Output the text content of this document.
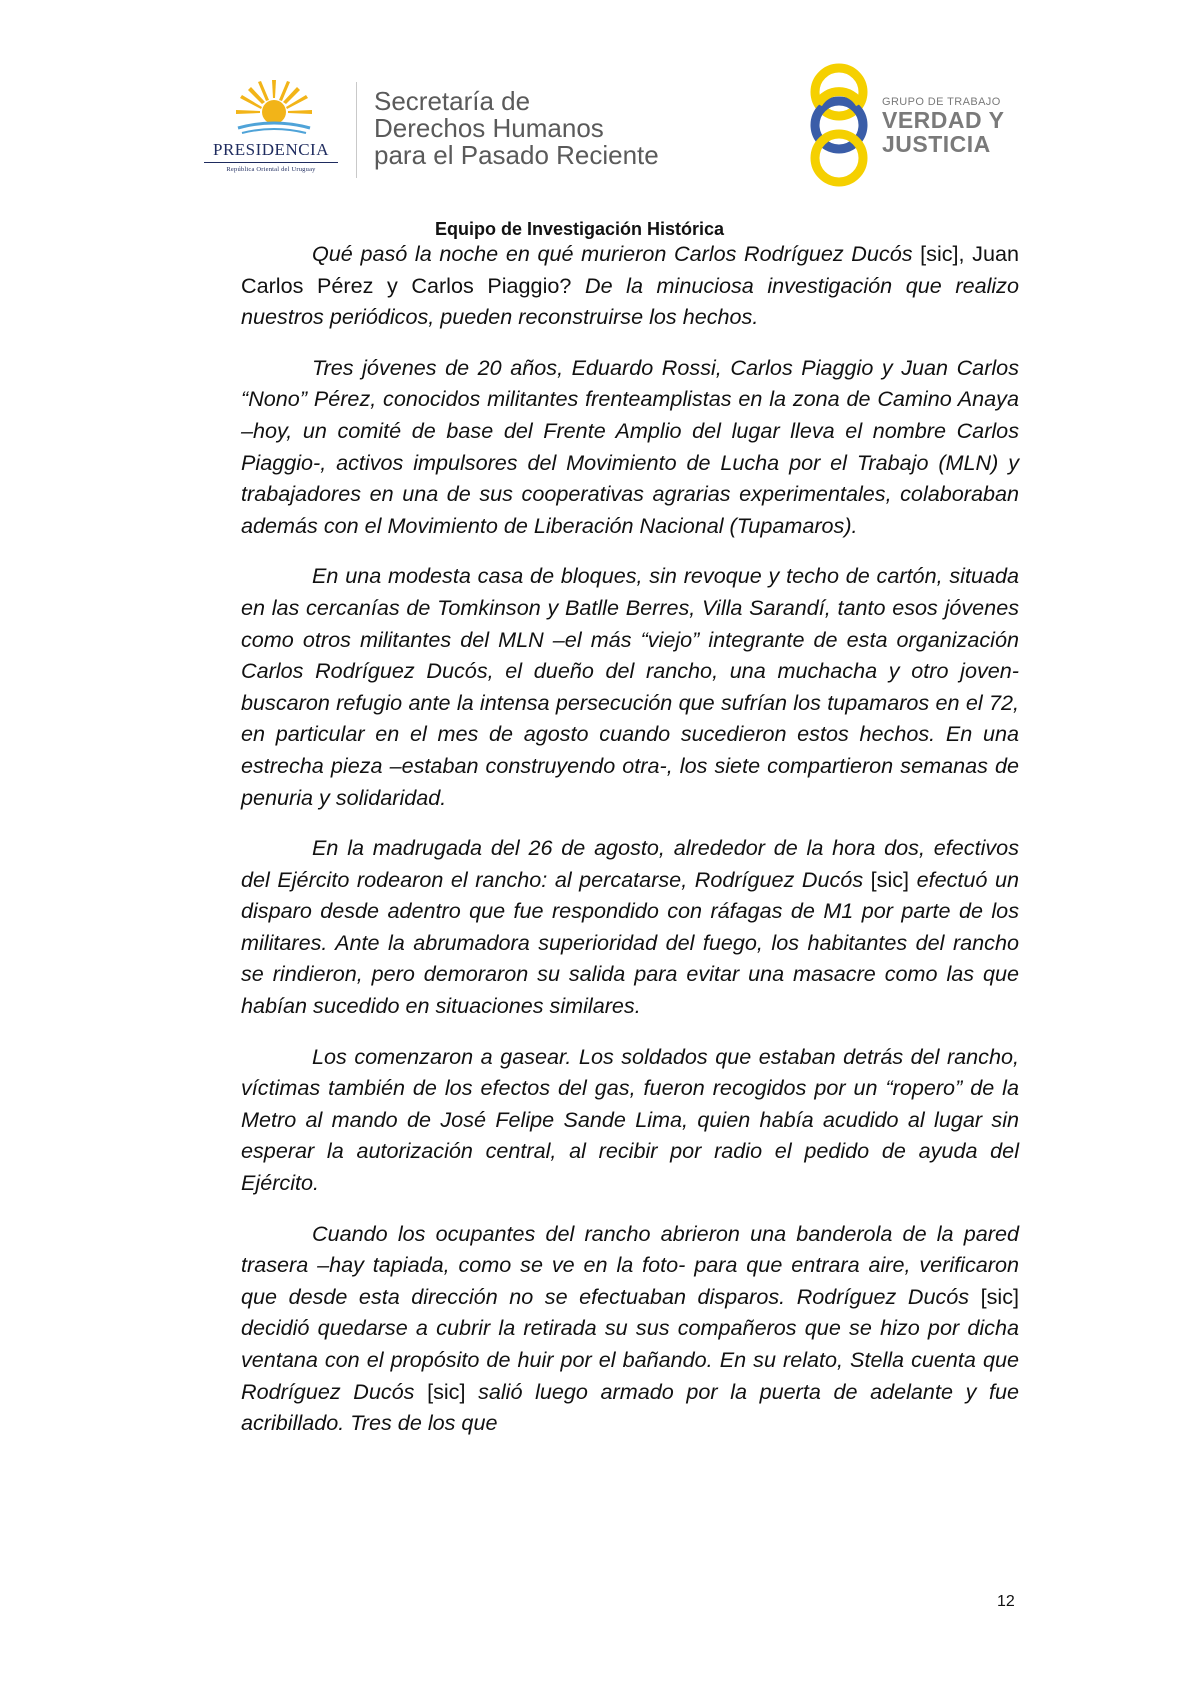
PRESIDENCIA
República Oriental del Uruguay
Secretaría de
Derechos Humanos
para el Pasado Reciente
GRUPO DE TRABAJO
VERDAD Y
JUSTICIA
Equipo de Investigación Histórica

Qué pasó la noche en qué murieron Carlos Rodríguez Ducós [sic], Juan Carlos Pérez y Carlos Piaggio? De la minuciosa investigación que realizo nuestros periódicos, pueden reconstruirse los hechos.

Tres jóvenes de 20 años, Eduardo Rossi, Carlos Piaggio y Juan Carlos “Nono” Pérez, conocidos militantes frenteamplistas en la zona de Camino Anaya –hoy, un comité de base del Frente Amplio del lugar lleva el nombre Carlos Piaggio-, activos impulsores del Movimiento de Lucha por el Trabajo (MLN) y trabajadores en una de sus cooperativas agrarias experimentales, colaboraban además con el Movimiento de Liberación Nacional (Tupamaros).

En una modesta casa de bloques, sin revoque y techo de cartón, situada en las cercanías de Tomkinson y Batlle Berres, Villa Sarandí, tanto esos jóvenes como otros militantes del MLN –el más “viejo” integrante de esta organización Carlos Rodríguez Ducós, el dueño del rancho, una muchacha y otro joven- buscaron refugio ante la intensa persecución que sufrían los tupamaros en el 72, en particular en el mes de agosto cuando sucedieron estos hechos. En una estrecha pieza –estaban construyendo otra-, los siete compartieron semanas de penuria y solidaridad.

En la madrugada del 26 de agosto, alrededor de la hora dos, efectivos del Ejército rodearon el rancho: al percatarse, Rodríguez Ducós [sic] efectuó un disparo desde adentro que fue respondido con ráfagas de M1 por parte de los militares. Ante la abrumadora superioridad del fuego, los habitantes del rancho se rindieron, pero demoraron su salida para evitar una masacre como las que habían sucedido en situaciones similares.

Los comenzaron a gasear. Los soldados que estaban detrás del rancho, víctimas también de los efectos del gas, fueron recogidos por un “ropero” de la Metro al mando de José Felipe Sande Lima, quien había acudido al lugar sin esperar la autorización central, al recibir por radio el pedido de ayuda del Ejército.

Cuando los ocupantes del rancho abrieron una banderola de la pared trasera –hay tapiada, como se ve en la foto- para que entrara aire, verificaron que desde esta dirección no se efectuaban disparos. Rodríguez Ducós [sic] decidió quedarse a cubrir la retirada su sus compañeros que se hizo por dicha ventana con el propósito de huir por el bañando. En su relato, Stella cuenta que Rodríguez Ducós [sic] salió luego armado por la puerta de adelante y fue acribillado. Tres de los que

12
